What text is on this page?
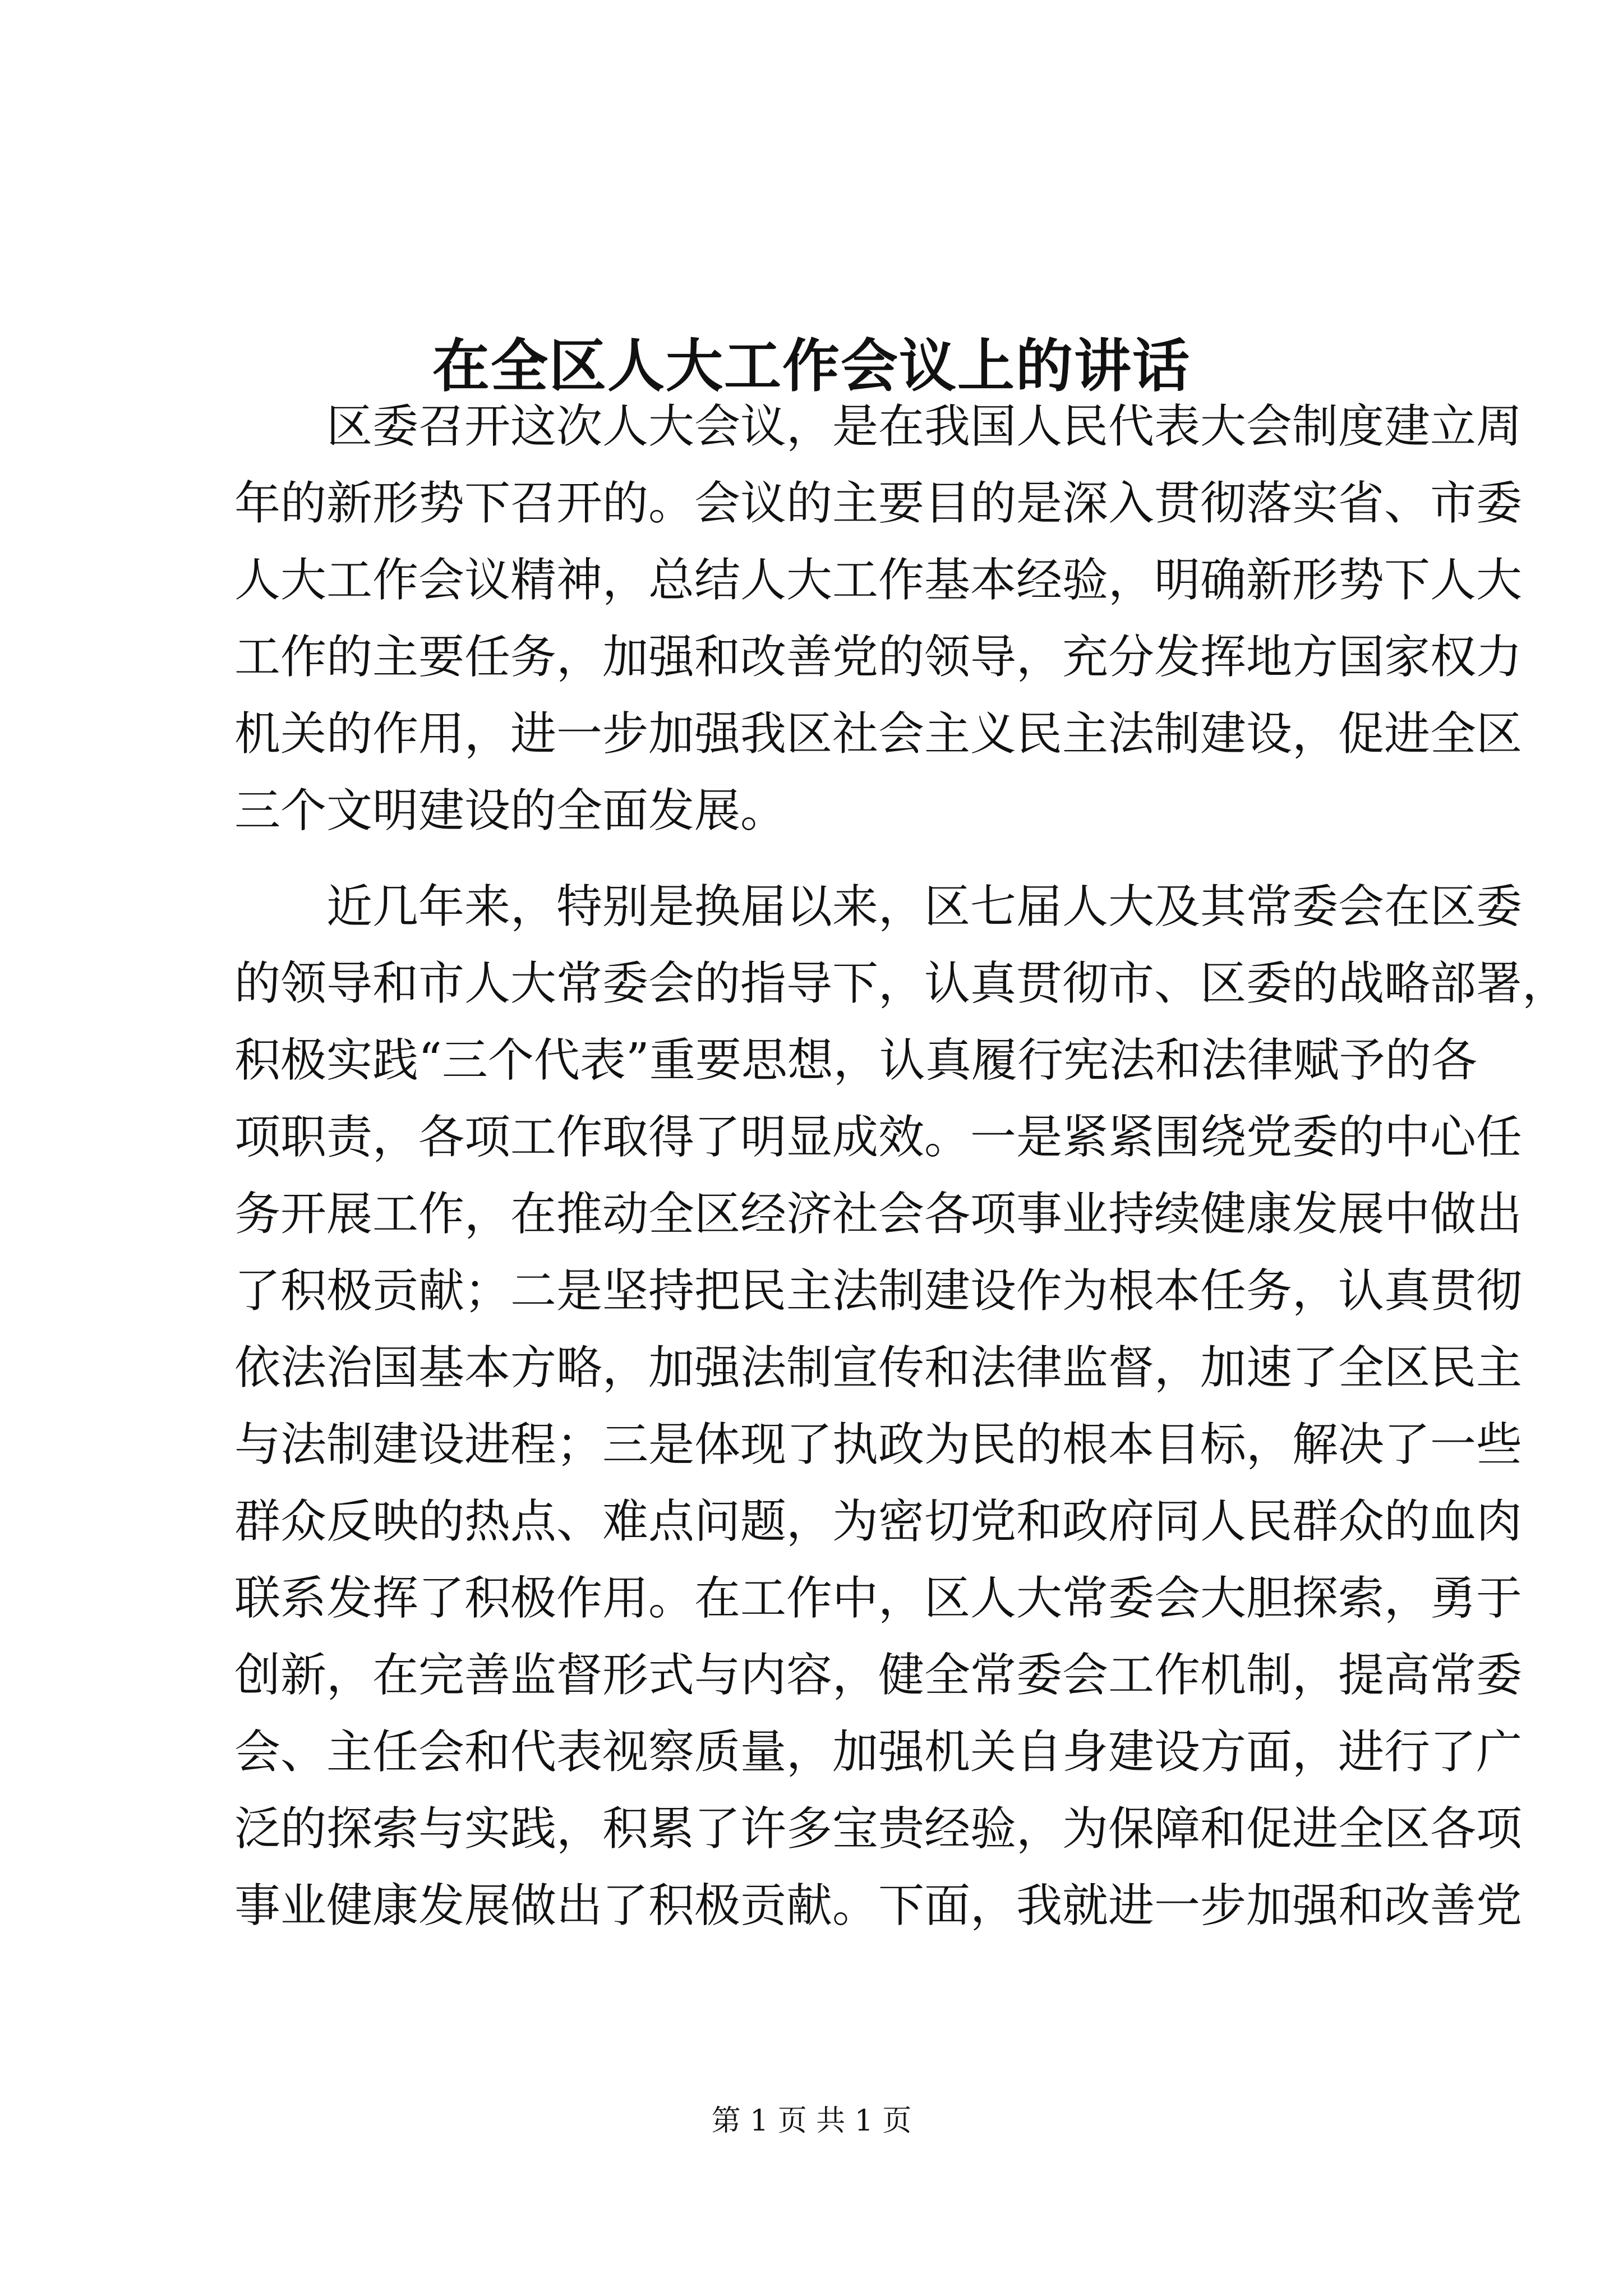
在全区人大工作会议上的讲话
区委召开这次人大会议，是在我国人民代表大会制度建立周
年的新形势下召开的。会议的主要目的是深入贯彻落实省、市委
人大工作会议精神，总结人大工作基本经验，明确新形势下人大
工作的主要任务，加强和改善党的领导，充分发挥地方国家权力
机关的作用，进一步加强我区社会主义民主法制建设，促进全区
三个文明建设的全面发展。
近几年来，特别是换届以来，区七届人大及其常委会在区委
的领导和市人大常委会的指导下，认真贯彻市、区委的战略部署，
积极实践“三个代表”重要思想，认真履行宪法和法律赋予的各
项职责，各项工作取得了明显成效。一是紧紧围绕党委的中心任
务开展工作，在推动全区经济社会各项事业持续健康发展中做出
了积极贡献；二是坚持把民主法制建设作为根本任务，认真贯彻
依法治国基本方略，加强法制宣传和法律监督，加速了全区民主
与法制建设进程；三是体现了执政为民的根本目标，解决了一些
群众反映的热点、难点问题，为密切党和政府同人民群众的血肉
联系发挥了积极作用。在工作中，区人大常委会大胆探索，勇于
创新，在完善监督形式与内容，健全常委会工作机制，提高常委
会、主任会和代表视察质量，加强机关自身建设方面，进行了广
泛的探索与实践，积累了许多宝贵经验，为保障和促进全区各项
事业健康发展做出了积极贡献。下面，我就进一步加强和改善党
第 1 页 共 1 页
